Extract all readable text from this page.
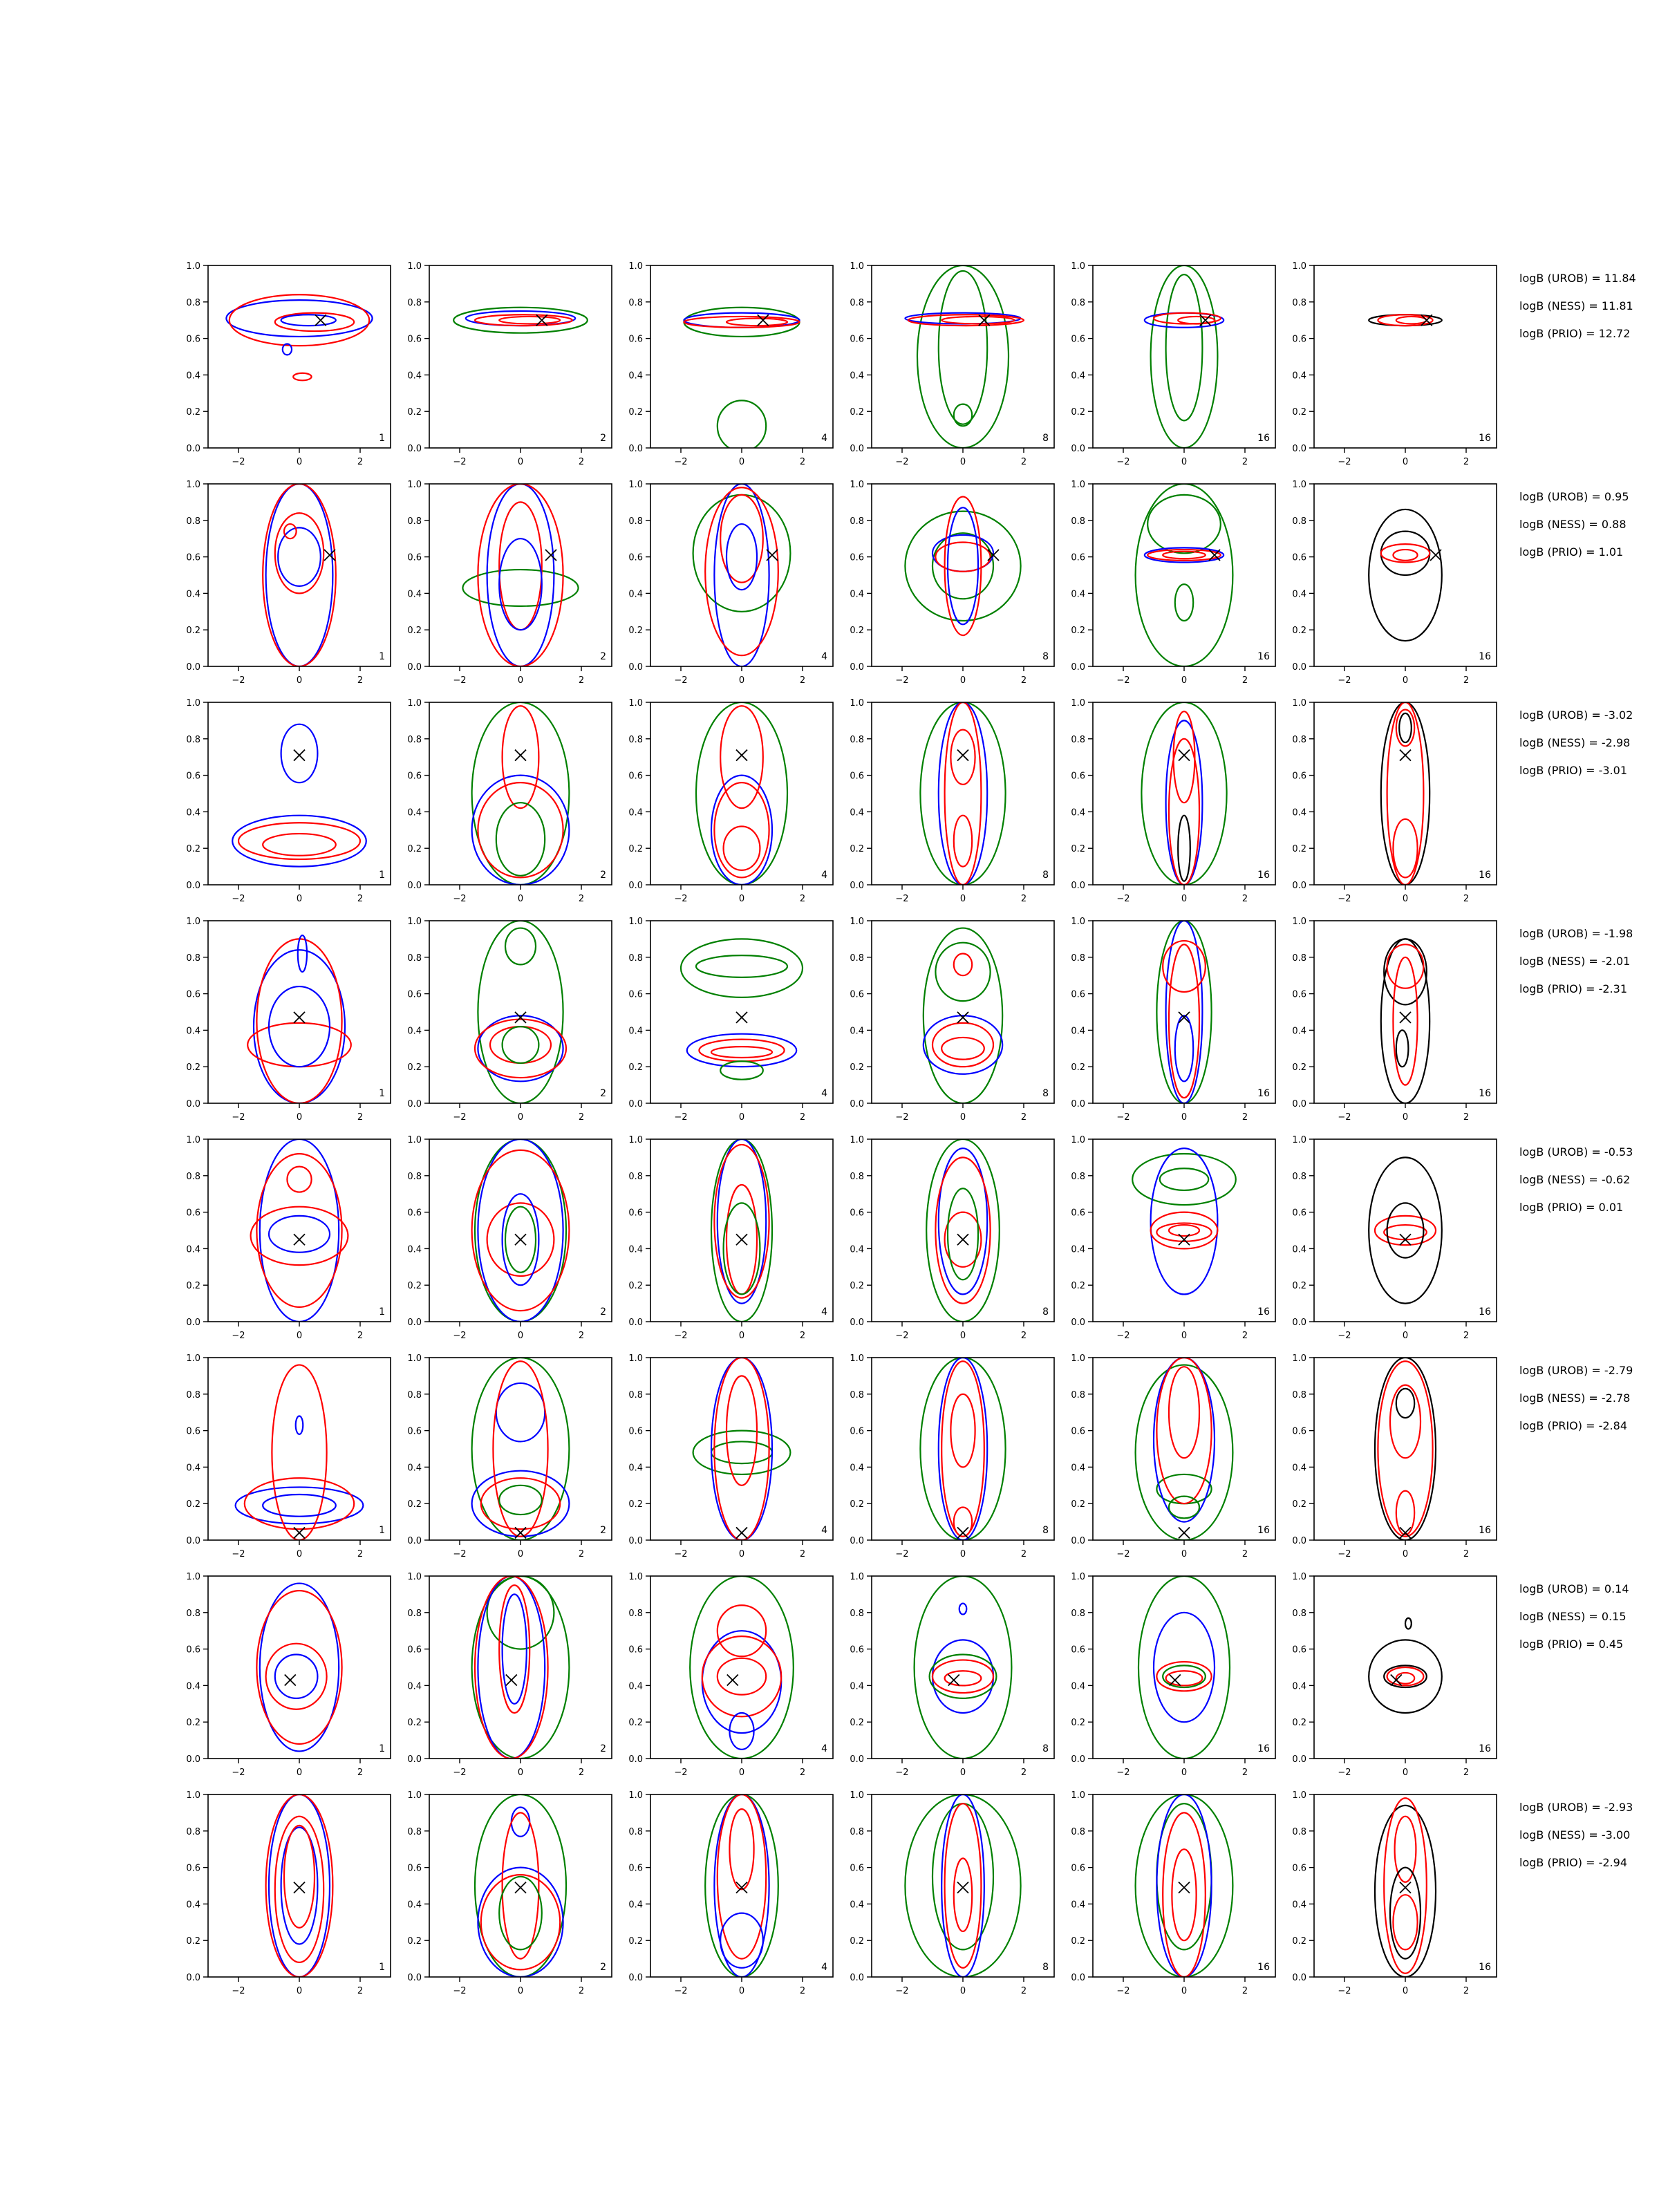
0.0
0.2
0.4
0.6
0.8
1.0
−2	0	2
1
0.0
0.2
0.4
0.6
0.8
1.0
−2	0	2
2
0.0
0.2
0.4
0.6
0.8
1.0
−2	0	2
4
0.0
0.2
0.4
0.6
0.8
1.0
−2	0	2
8
0.0
0.2
0.4
0.6
0.8
1.0
−2	0	2
16
0.0
0.2
0.4
0.6
0.8
1.0
−2	0	2
16
logB (UROB) = 11.84
logB (NESS) = 11.81
logB (PRIO) = 12.72
0.0
0.2
0.4
0.6
0.8
1.0
−2	0	2
1
0.0
0.2
0.4
0.6
0.8
1.0
−2	0	2
2
0.0
0.2
0.4
0.6
0.8
1.0
−2	0	2
4
0.0
0.2
0.4
0.6
0.8
1.0
−2	0	2
8
0.0
0.2
0.4
0.6
0.8
1.0
−2	0	2
16
0.0
0.2
0.4
0.6
0.8
1.0
−2	0	2
16
logB (UROB) = 0.95
logB (NESS) = 0.88
logB (PRIO) = 1.01
0.0
0.2
0.4
0.6
0.8
1.0
−2	0	2
1
0.0
0.2
0.4
0.6
0.8
1.0
−2	0	2
2
0.0
0.2
0.4
0.6
0.8
1.0
−2	0	2
4
0.0
0.2
0.4
0.6
0.8
1.0
−2	0	2
8
0.0
0.2
0.4
0.6
0.8
1.0
−2	0	2
16
0.0
0.2
0.4
0.6
0.8
1.0
−2	0	2
16
logB (UROB) = -3.02
logB (NESS) = -2.98
logB (PRIO) = -3.01
0.0
0.2
0.4
0.6
0.8
1.0
−2	0	2
1
0.0
0.2
0.4
0.6
0.8
1.0
−2	0	2
2
0.0
0.2
0.4
0.6
0.8
1.0
−2	0	2
4
0.0
0.2
0.4
0.6
0.8
1.0
−2	0	2
8
0.0
0.2
0.4
0.6
0.8
1.0
−2	0	2
16
0.0
0.2
0.4
0.6
0.8
1.0
−2	0	2
16
logB (UROB) = -1.98
logB (NESS) = -2.01
logB (PRIO) = -2.31
0.0
0.2
0.4
0.6
0.8
1.0
−2	0	2
1
0.0
0.2
0.4
0.6
0.8
1.0
−2	0	2
2
0.0
0.2
0.4
0.6
0.8
1.0
−2	0	2
4
0.0
0.2
0.4
0.6
0.8
1.0
−2	0	2
8
0.0
0.2
0.4
0.6
0.8
1.0
−2	0	2
16
0.0
0.2
0.4
0.6
0.8
1.0
−2	0	2
16
logB (UROB) = -0.53
logB (NESS) = -0.62
logB (PRIO) = 0.01
0.0
0.2
0.4
0.6
0.8
1.0
−2	0	2
1
0.0
0.2
0.4
0.6
0.8
1.0
−2	0	2
2
0.0
0.2
0.4
0.6
0.8
1.0
−2	0	2
4
0.0
0.2
0.4
0.6
0.8
1.0
−2	0	2
8
0.0
0.2
0.4
0.6
0.8
1.0
−2	0	2
16
0.0
0.2
0.4
0.6
0.8
1.0
−2	0	2
16
logB (UROB) = -2.79
logB (NESS) = -2.78
logB (PRIO) = -2.84
0.0
0.2
0.4
0.6
0.8
1.0
−2	0	2
1
0.0
0.2
0.4
0.6
0.8
1.0
−2	0	2
2
0.0
0.2
0.4
0.6
0.8
1.0
−2	0	2
4
0.0
0.2
0.4
0.6
0.8
1.0
−2	0	2
8
0.0
0.2
0.4
0.6
0.8
1.0
−2	0	2
16
0.0
0.2
0.4
0.6
0.8
1.0
−2	0	2
16
logB (UROB) = 0.14
logB (NESS) = 0.15
logB (PRIO) = 0.45
0.0
0.2
0.4
0.6
0.8
1.0
−2	0	2
1
0.0
0.2
0.4
0.6
0.8
1.0
−2	0	2
2
0.0
0.2
0.4
0.6
0.8
1.0
−2	0	2
4
0.0
0.2
0.4
0.6
0.8
1.0
−2	0	2
8
0.0
0.2
0.4
0.6
0.8
1.0
−2	0	2
16
0.0
0.2
0.4
0.6
0.8
1.0
−2	0	2
16
logB (UROB) = -2.93
logB (NESS) = -3.00
logB (PRIO) = -2.94
